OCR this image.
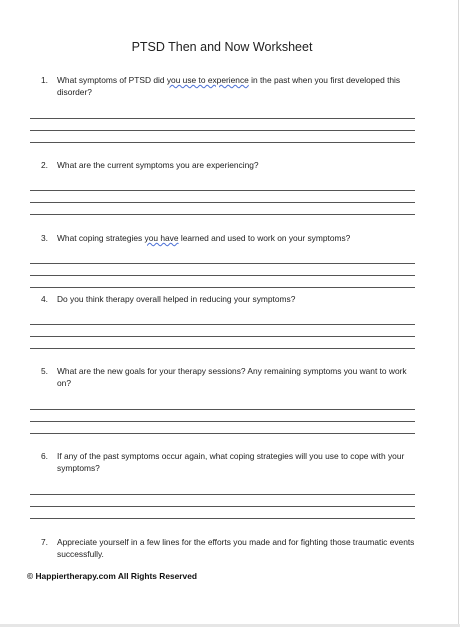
PTSD Then and Now Worksheet
1.	What symptoms of PTSD did you use to experience in the past when you first developed this disorder?
2.	What are the current symptoms you are experiencing?
3.	What coping strategies you have learned and used to work on your symptoms?
4.	Do you think therapy overall helped in reducing your symptoms?
5.	What are the new goals for your therapy sessions? Any remaining symptoms you want to work on?
6.	If any of the past symptoms occur again, what coping strategies will you use to cope with your symptoms?
7.	Appreciate yourself in a few lines for the efforts you made and for fighting those traumatic events successfully.
© Happiertherapy.com All Rights Reserved
